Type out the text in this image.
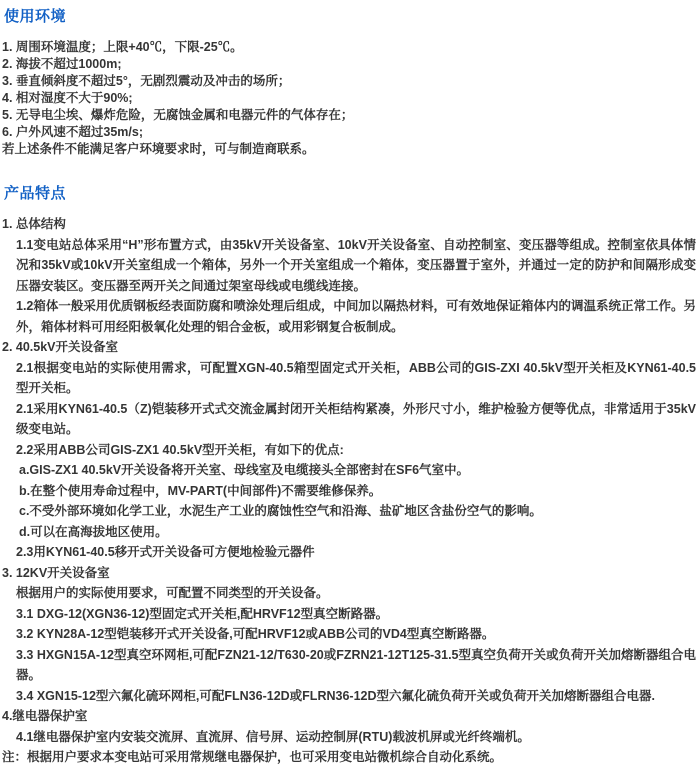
使用环境

1. 周围环境温度；上限+40℃，下限-25℃。

2. 海拔不超过1000m;

3. 垂直倾斜度不超过5°，无剧烈震动及冲击的场所；

4. 相对湿度不大于90%;

5. 无导电尘埃、爆炸危险，无腐蚀金属和电器元件的气体存在；

6. 户外风速不超过35m/s;

若上述条件不能满足客户环境要求时，可与制造商联系。

产品特点

1. 总体结构

1.1变电站总体采用“H”形布置方式，由35kV开关设备室、10kV开关设备室、自动控制室、变压器等组成。控制室依具体情况和35kV或10kV开关室组成一个箱体，另外一个开关室组成一个箱体，变压器置于室外，并通过一定的防护和间隔形成变压器安装区。变压器至两开关之间通过架室母线或电缆线连接。

1.2箱体一般采用优质钢板经表面防腐和喷涂处理后组成，中间加以隔热材料，可有效地保证箱体内的调温系统正常工作。另外，箱体材料可用经阳极氧化处理的铝合金板，或用彩钢复合板制成。

2. 40.5kV开关设备室

2.1根据变电站的实际使用需求，可配置XGN-40.5箱型固定式开关柜，ABB公司的GIS-ZXI 40.5kV型开关柜及KYN61-40.5型开关柜。

2.1采用KYN61-40.5（Z)铠装移开式式交流金属封闭开关柜结构紧凑，外形尺寸小，维护检验方便等优点，非常适用于35kV级变电站。

2.2采用ABB公司GIS-ZX1 40.5kV型开关柜，有如下的优点:

a.GIS-ZX1 40.5kV开关设备将开关室、母线室及电缆接头全部密封在SF6气室中。

b.在整个使用寿命过程中，MV-PART(中间部件)不需要维修保养。

c.不受外部环境如化学工业，水泥生产工业的腐蚀性空气和沿海、盐矿地区含盐份空气的影响。

d.可以在高海拔地区使用。

2.3用KYN61-40.5移开式开关设备可方便地检验元器件

3. 12KV开关设备室

根据用户的实际使用要求，可配置不同类型的开关设备。

3.1 DXG-12(XGN36-12)型固定式开关柜,配HRVF12型真空断路器。

3.2 KYN28A-12型铠装移开式开关设备,可配HRVF12或ABB公司的VD4型真空断路器。

3.3 HXGN15A-12型真空环网柜,可配FZN21-12/T630-20或FZRN21-12T125-31.5型真空负荷开关或负荷开关加熔断器组合电器。

3.4 XGN15-12型六氟化硫环网柜,可配FLN36-12D或FLRN36-12D型六氟化硫负荷开关或负荷开关加熔断器组合电器.

4.继电器保护室

4.1继电器保护室内安装交流屏、直流屏、信号屏、运动控制屏(RTU)载波机屏或光纤终端机。

注：根据用户要求本变电站可采用常规继电器保护，也可采用变电站微机综合自动化系统。
